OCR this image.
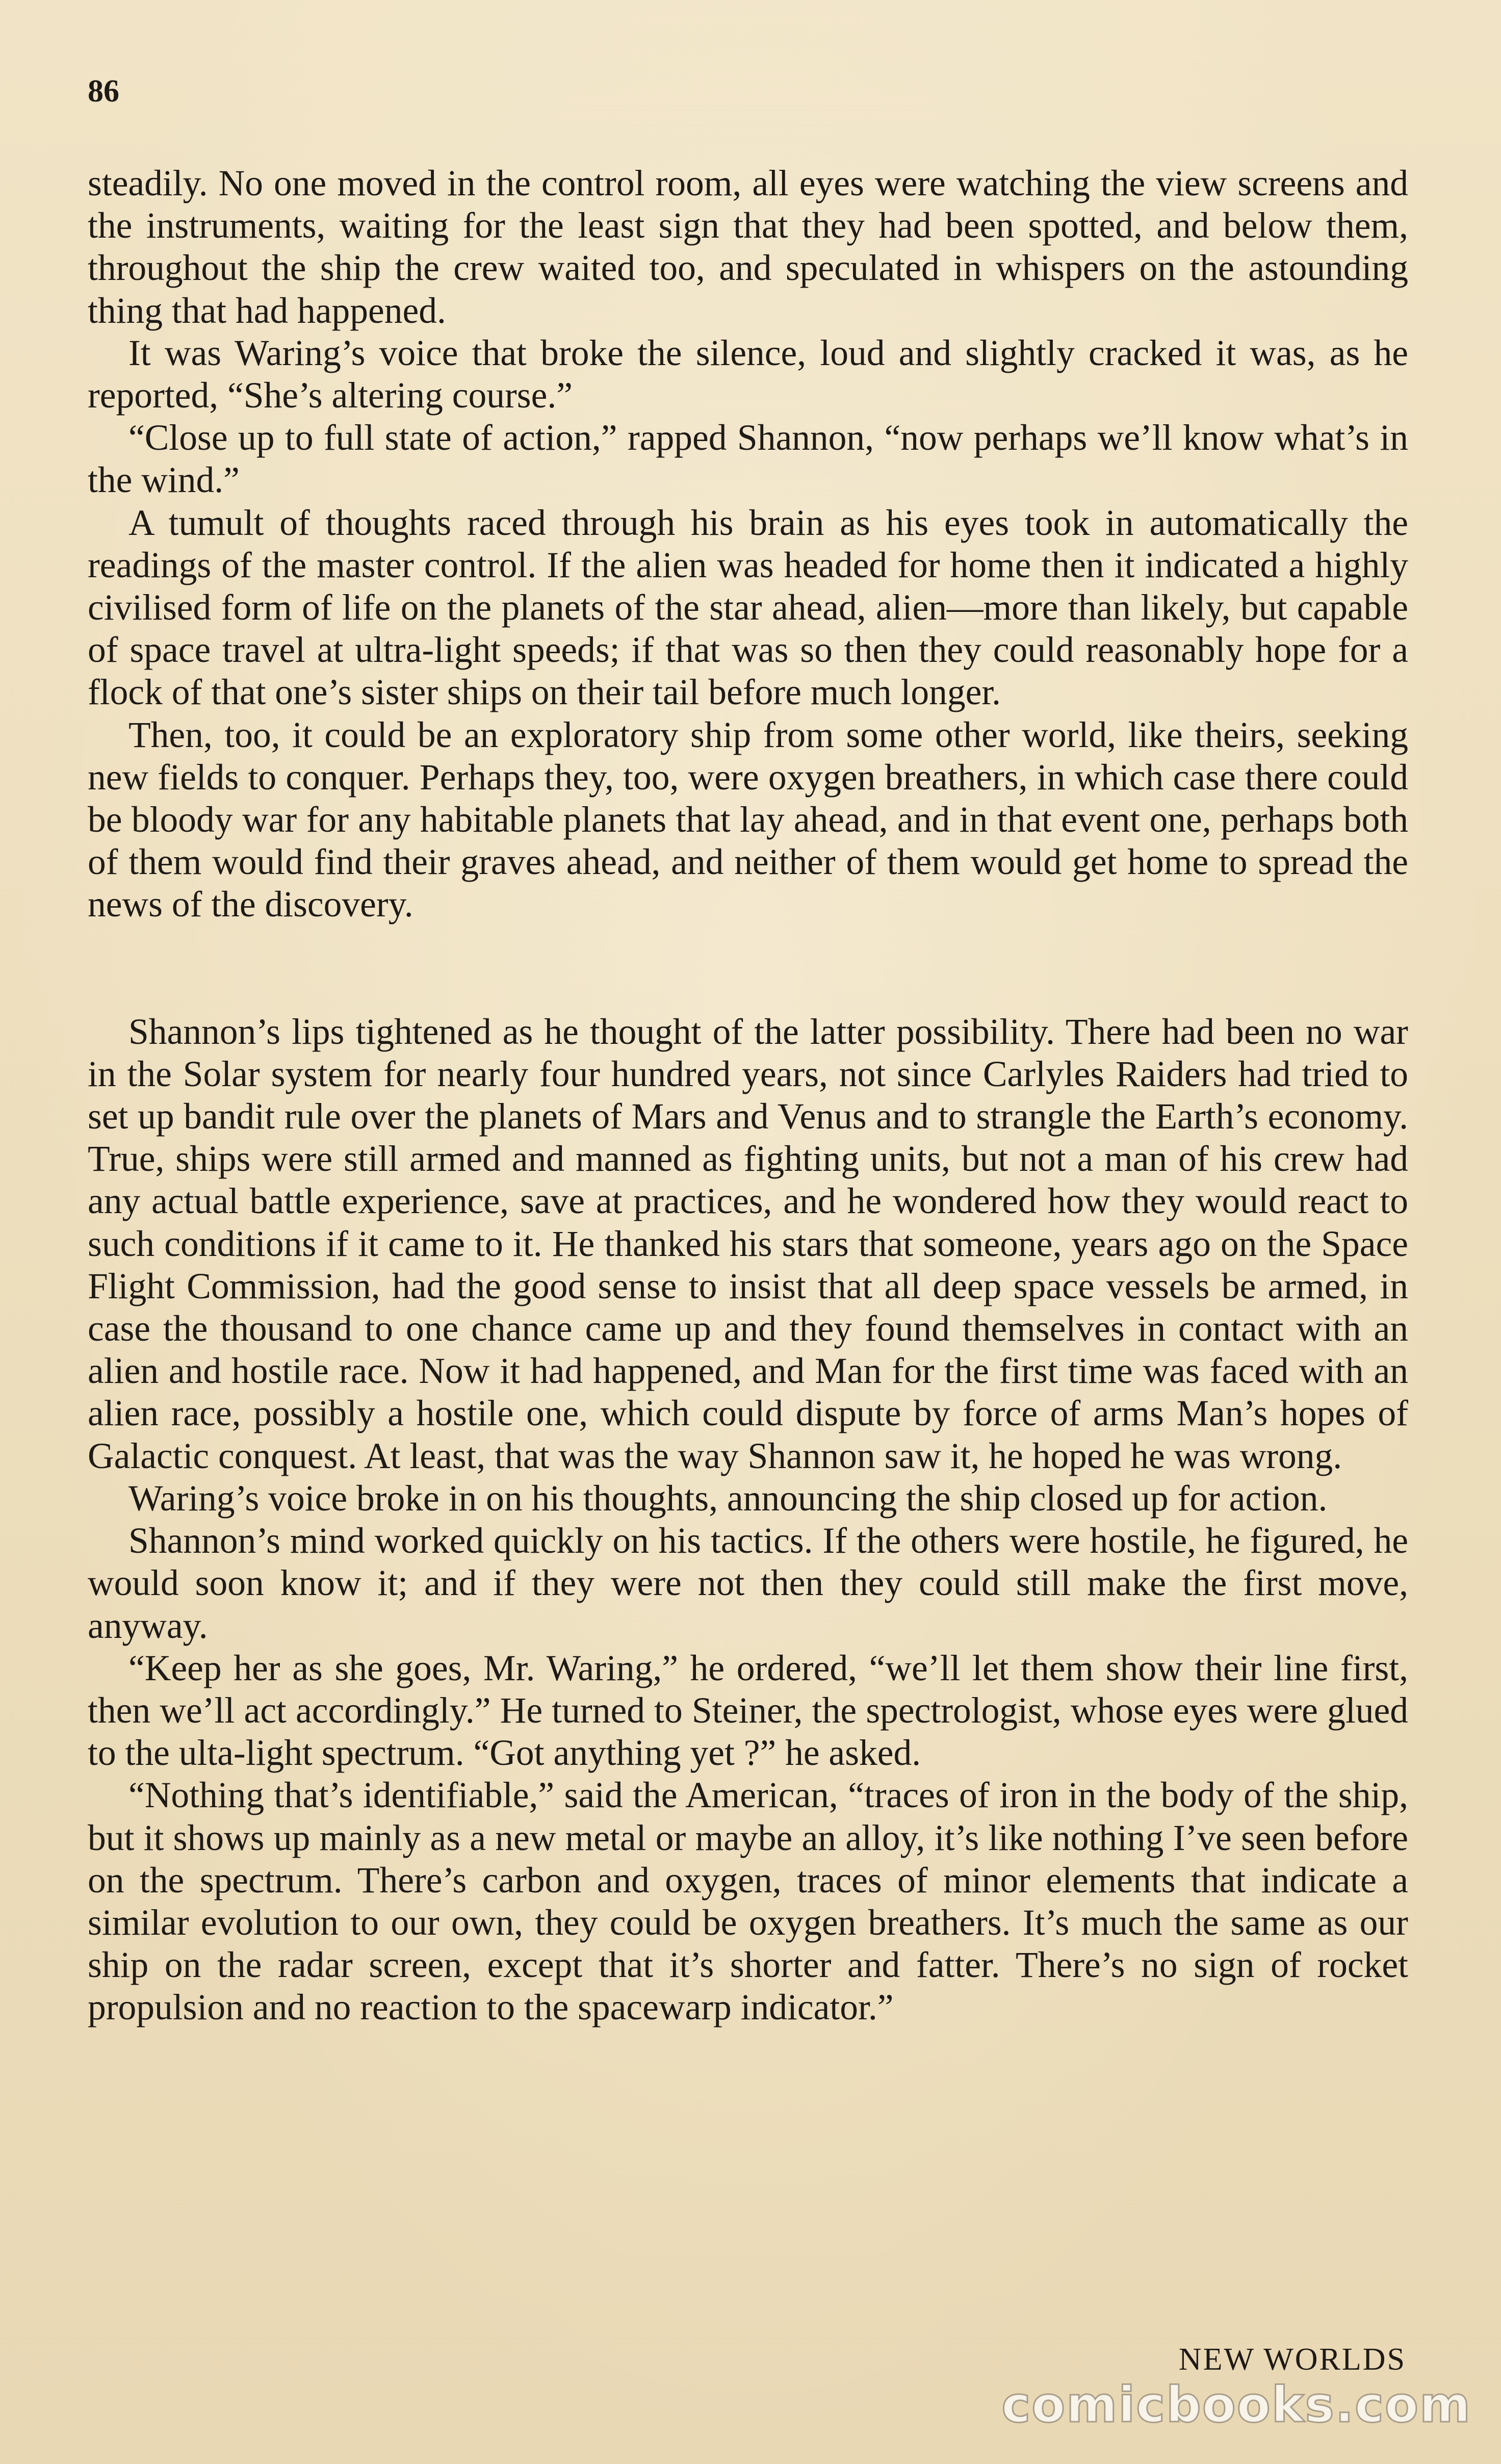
86

steadily. No one moved in the control room, all eyes were watching the view screens and the instruments, waiting for the least sign that they had been spotted, and below them, throughout the ship the crew waited too, and speculated in whispers on the astounding thing that had happened.

It was Waring’s voice that broke the silence, loud and slightly cracked it was, as he reported, “She’s altering course.”

“Close up to full state of action,” rapped Shannon, “now perhaps we’ll know what’s in the wind.”

A tumult of thoughts raced through his brain as his eyes took in automatically the readings of the master control. If the alien was headed for home then it indicated a highly civilised form of life on the planets of the star ahead, alien—more than likely, but capable of space travel at ultra-light speeds; if that was so then they could reasonably hope for a flock of that one’s sister ships on their tail before much longer.

Then, too, it could be an exploratory ship from some other world, like theirs, seeking new fields to conquer. Perhaps they, too, were oxygen breathers, in which case there could be bloody war for any habitable planets that lay ahead, and in that event one, perhaps both of them would find their graves ahead, and neither of them would get home to spread the news of the discovery.

Shannon’s lips tightened as he thought of the latter possibility. There had been no war in the Solar system for nearly four hundred years, not since Carlyles Raiders had tried to set up bandit rule over the planets of Mars and Venus and to strangle the Earth’s economy. True, ships were still armed and manned as fighting units, but not a man of his crew had any actual battle experience, save at practices, and he wondered how they would react to such conditions if it came to it. He thanked his stars that someone, years ago on the Space Flight Commission, had the good sense to insist that all deep space vessels be armed, in case the thousand to one chance came up and they found themselves in contact with an alien and hostile race. Now it had happened, and Man for the first time was faced with an alien race, possibly a hostile one, which could dispute by force of arms Man’s hopes of Galactic conquest. At least, that was the way Shannon saw it, he hoped he was wrong.

Waring’s voice broke in on his thoughts, announcing the ship closed up for action.

Shannon’s mind worked quickly on his tactics. If the others were hostile, he figured, he would soon know it; and if they were not then they could still make the first move, anyway.

“Keep her as she goes, Mr. Waring,” he ordered, “we’ll let them show their line first, then we’ll act accordingly.” He turned to Steiner, the spectrologist, whose eyes were glued to the ulta-light spectrum. “Got anything yet ?” he asked.

“Nothing that’s identifiable,” said the American, “traces of iron in the body of the ship, but it shows up mainly as a new metal or maybe an alloy, it’s like nothing I’ve seen before on the spectrum. There’s carbon and oxygen, traces of minor elements that indicate a similar evolution to our own, they could be oxygen breathers. It’s much the same as our ship on the radar screen, except that it’s shorter and fatter. There’s no sign of rocket propulsion and no reaction to the spacewarp indicator.”

NEW WORLDS
comicbooks.com
